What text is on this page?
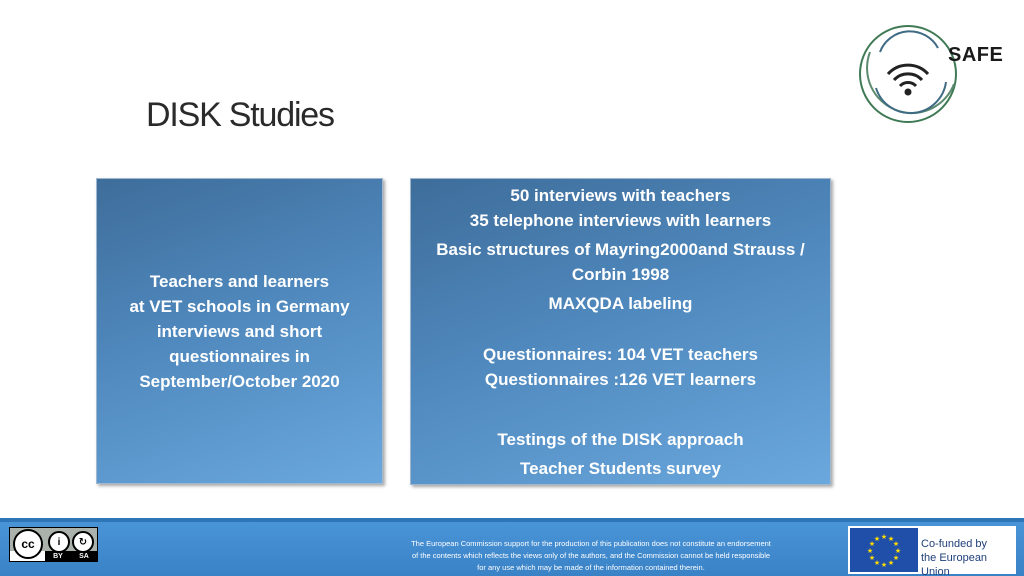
SAFE
DISK Studies
Teachers and learners
at VET schools in Germany
interviews and short
questionnaires in
September/October 2020
50 interviews with teachers
35 telephone interviews with learners
Basic structures of Mayring2000and Strauss /
Corbin 1998
MAXQDA labeling
Questionnaires: 104 VET teachers
Questionnaires :126 VET learners
Testings of the DISK approach
Teacher Students survey
cc	i	↻
BY SA
The European Commission support for the production of this publication does not constitute an endorsement
of the contents which reflects the views only of the authors, and the Commission cannot be held responsible
for any use which may be made of the information contained therein.
★ ★
★
★
★
★
★
★
★
★
★
★	Co-funded by
the European Union
